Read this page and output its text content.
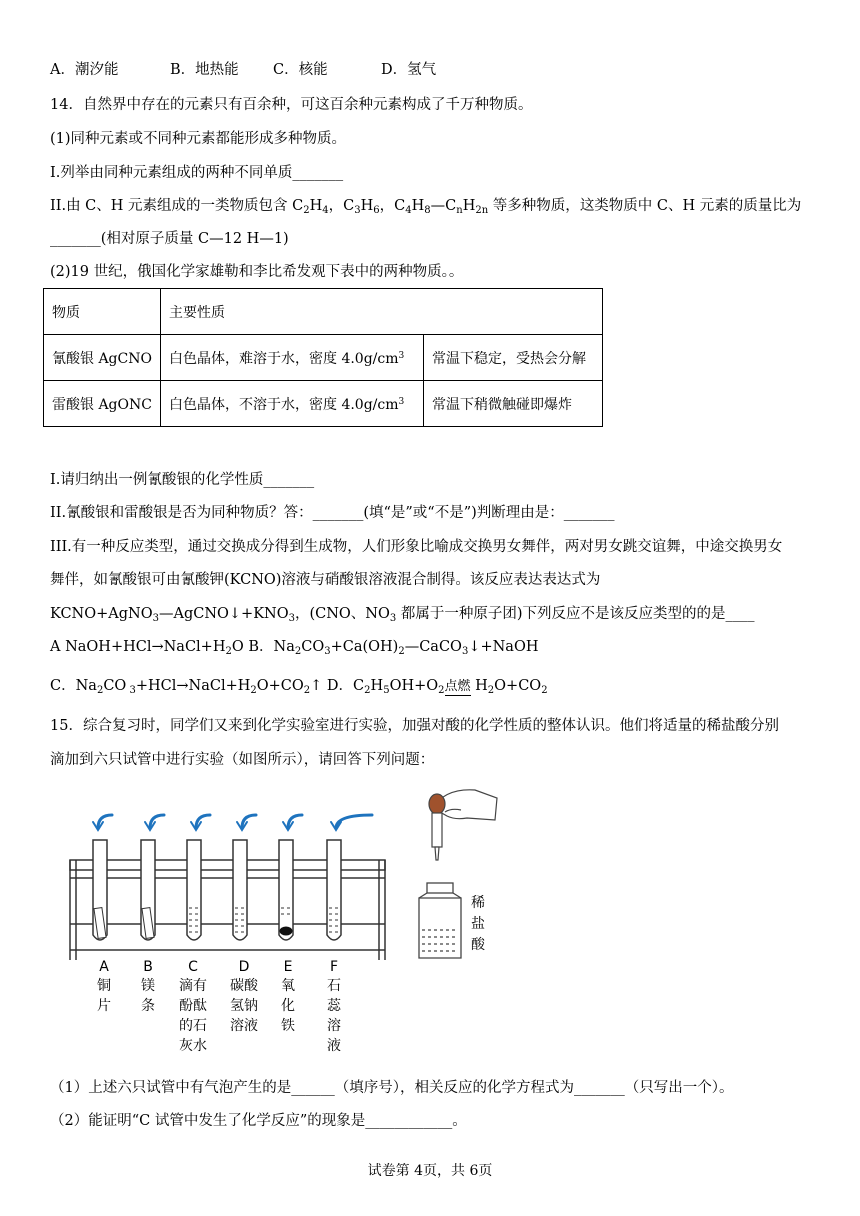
A．潮汐能	B．地热能 C．核能	D．氢气
14．自然界中存在的元素只有百余种，可这百余种元素构成了千万种物质。
(1)同种元素或不同种元素都能形成多种物质。
I.列举由同种元素组成的两种不同单质_______
II.由 C、H 元素组成的一类物质包含 $C_2H_4$，$C_3H_6$，$C_4H_8—C_nH_{2n}$ 等多种物质，这类物质中 C、H 元素的质量比为
_______(相对原子质量 C—12 H—1)
(2)19 世纪，俄国化学家雄勒和李比希发观下表中的两种物质。。
物质	主要性质	
氰酸银 AgCNO	白色晶体，难溶于水，密度 $4.0g/cm^3$	常温下稳定，受热会分解
雷酸银 AgONC	白色晶体，不溶于水，密度 $4.0g/cm^3$	常温下稍微触碰即爆炸
I.请归纳出一例氰酸银的化学性质_______
II.氰酸银和雷酸银是否为同种物质？答：_______(填“是”或“不是”)判断理由是：_______
III.有一种反应类型，通过交换成分得到生成物，人们形象比喻成交换男女舞伴，两对男女跳交谊舞，中途交换男女
舞伴，如氰酸银可由氰酸钾(KCNO)溶液与硝酸银溶液混合制得。该反应表达表达式为
$KCNO+AgNO_3—AgCNO↓+KNO_3$，(CNO、$NO_3$ 都属于一种原子团)下列反应不是该反应类型的的是____
A $NaOH+HCl\to NaCl+H_2O$ B．$Na_2CO_3+Ca(OH)_2—CaCO_3↓+NaOH$
C．$Na_2CO$ $_3+HCl\to NaCl+H_2O+CO_2↑$ D．$C_2H_5OH+O_2$点燃
$H_2O+CO_2$
15．综合复习时，同学们又来到化学实验室进行实验，加强对酸的化学性质的整体认识。他们将适量的稀盐酸分别
滴加到六只试管中进行实验（如图所示），请回答下列问题：
A
铜
片
B
镁
条
C
滴有
酚酞
的石
灰水
D
碳酸
氢钠
溶液
E
氧
化
铁
F
石
蕊
溶
液
稀
盐
酸
（1）上述六只试管中有气泡产生的是______（填序号），相关反应的化学方程式为_______（只写出一个）。
（2）能证明“C 试管中发生了化学反应”的现象是____________。
试卷第 4页，共 6页
